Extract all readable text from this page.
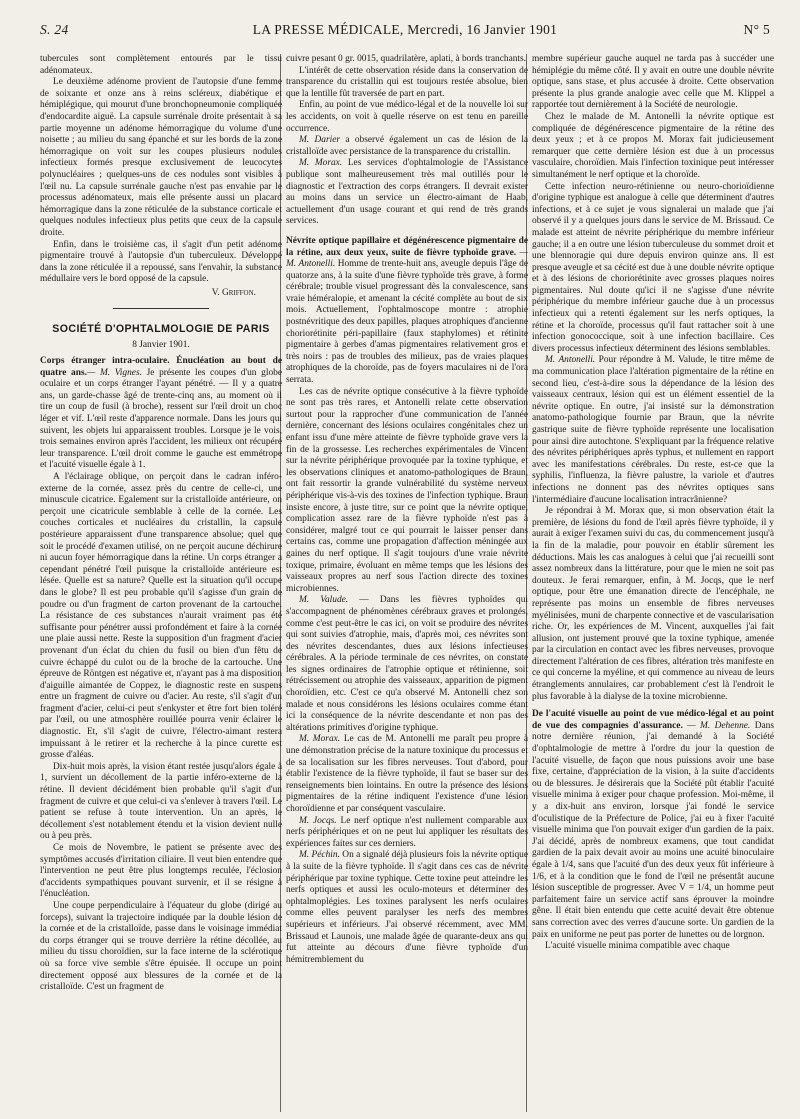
S. 24	LA PRESSE MÉDICALE, Mercredi, 16 Janvier 1901	N° 5

tubercules sont complètement entourés par le tissu adénomateux.

Le deuxième adénome provient de l'autopsie d'une femme de soixante et onze ans à reins scléreux, diabétique et hémiplégique, qui mourut d'une bronchopneumonie compliquée d'endocardite aiguë. La capsule surrénale droite présentait à sa partie moyenne un adénome hémorragique du volume d'une noisette ; au milieu du sang épanché et sur les bords de la zone hémorragique on voit sur les coupes plusieurs nodules infectieux formés presque exclusivement de leucocytes polynucléaires ; quelques-uns de ces nodules sont visibles à l'œil nu. La capsule surrénale gauche n'est pas envahie par le processus adénomateux, mais elle présente aussi un placard hémorragique dans la zone réticulée de la substance corticale et quelques nodules infectieux plus petits que ceux de la capsule droite.

Enfin, dans le troisième cas, il s'agit d'un petit adénome pigmentaire trouvé à l'autopsie d'un tuberculeux. Développé dans la zone réticulée il a repoussé, sans l'envahir, la substance médullaire vers le bord opposé de la capsule.

V. Griffon.
SOCIÉTÉ D'OPHTALMOLOGIE DE PARIS
8 Janvier 1901.

Corps étranger intra-oculaire. Énucléation au bout de quatre ans.— M. Vignes. Je présente les coupes d'un globe oculaire et un corps étranger l'ayant pénétré. — Il y a quatre ans, un garde-chasse âgé de trente-cinq ans, au moment où il tire un coup de fusil (à broche), ressent sur l'œil droit un choc léger et vif. L'œil reste d'apparence normale. Dans les jours qui suivent, les objets lui apparaissent troubles. Lorsque je le vois, trois semaines environ après l'accident, les milieux ont récupéré leur transparence. L'œil droit comme le gauche est emmétrope et l'acuité visuelle égale à 1.

A l'éclairage oblique, on perçoit dans le cadran inféro-externe de la cornée, assez près du centre de celle-ci, une minuscule cicatrice. Egalement sur la cristalloïde antérieure, on perçoit une cicatricule semblable à celle de la cornée. Les couches corticales et nucléaires du cristallin, la capsule postérieure apparaissent d'une transparence absolue; quel que soit le procédé d'examen utilisé, on ne perçoit aucune déchirure ni aucun foyer hémorragique dans la rétine. Un corps étranger a cependant pénétré l'œil puisque la cristalloïde antérieure est lésée. Quelle est sa nature? Quelle est la situation qu'il occupe dans le globe? Il est peu probable qu'il s'agisse d'un grain de poudre ou d'un fragment de carton provenant de la cartouche. La résistance de ces substances n'aurait vraiment pas été suffisante pour pénétrer aussi profondément et faire à la cornée une plaie aussi nette. Reste la supposition d'un fragment d'acier provenant d'un éclat du chien du fusil ou bien d'un fêtu de cuivre échappé du culot ou de la broche de la cartouche. Une épreuve de Röntgen est négative et, n'ayant pas à ma disposition d'aiguille aimantée de Coppez, le diagnostic reste en suspens entre un fragment de cuivre ou d'acier. Au reste, s'il s'agit d'un fragment d'acier, celui-ci peut s'enkyster et être fort bien toléré par l'œil, ou une atmosphère rouillée pourra venir éclairer le diagnostic. Et, s'il s'agit de cuivre, l'électro-aimant restera impuissant à le retirer et la recherche à la pince curette est grosse d'aléas.

Dix-huit mois après, la vision étant restée jusqu'alors égale à 1, survient un décollement de la partie inféro-externe de la rétine. Il devient décidément bien probable qu'il s'agit d'un fragment de cuivre et que celui-ci va s'enlever à travers l'œil. Le patient se refuse à toute intervention. Un an après, le décollement s'est notablement étendu et la vision devient nulle ou à peu près.

Ce mois de Novembre, le patient se présente avec des symptômes accusés d'irritation ciliaire. Il veut bien entendre que l'intervention ne peut être plus longtemps reculée, l'éclosion d'accidents sympathiques pouvant survenir, et il se résigne à l'énucléation.

Une coupe perpendiculaire à l'équateur du globe (dirigé au forceps), suivant la trajectoire indiquée par la double lésion de la cornée et de la cristalloïde, passe dans le voisinage immédiat du corps étranger qui se trouve derrière la rétine décollée, au milieu du tissu choroïdien, sur la face interne de la sclérotique où sa force vive semble s'être épuisée. Il occupe un point directement opposé aux blessures de la cornée et de la cristalloïde. C'est un fragment de

cuivre pesant 0 gr. 0015, quadrilatère, aplati, à bords tranchants.

L'intérêt de cette observation réside dans la conservation de transparence du cristallin qui est toujours restée absolue, bien que la lentille fût traversée de part en part.

Enfin, au point de vue médico-légal et de la nouvelle loi sur les accidents, on voit à quelle réserve on est tenu en pareille occurrence.

M. Darier a observé également un cas de lésion de la cristalloïde avec persistance de la transparence du cristallin.

M. Morax. Les services d'ophtalmologie de l'Assistance publique sont malheureusement très mal outillés pour le diagnostic et l'extraction des corps étrangers. Il devrait exister au moins dans un service un électro-aimant de Haab, actuellement d'un usage courant et qui rend de très grands services.

Névrite optique papillaire et dégénérescence pigmentaire de la rétine, aux deux yeux, suite de fièvre typhoïde grave. — M. Antonelli. Homme de trente-huit ans, aveugle depuis l'âge de quatorze ans, à la suite d'une fièvre typhoïde très grave, à forme cérébrale; trouble visuel progressant dès la convalescence, sans vraie héméralopie, et amenant la cécité complète au bout de six mois. Actuellement, l'ophtalmoscope montre : atrophie postnévritique des deux papilles, plaques atrophiques d'ancienne choriorétinite péri-papillaire (faux staphylomes) et rétinite pigmentaire à gerbes d'amas pigmentaires relativement gros et très noirs : pas de troubles des milieux, pas de vraies plaques atrophiques de la choroïde, pas de foyers maculaires ni de l'ora serrata.

Les cas de névrite optique consécutive à la fièvre typhoïde ne sont pas très rares, et Antonelli relate cette observation surtout pour la rapprocher d'une communication de l'année dernière, concernant des lésions oculaires congénitales chez un enfant issu d'une mère atteinte de fièvre typhoïde grave vers la fin de la grossesse. Les recherches expérimentales de Vincent sur la névrite périphérique provoquée par la toxine typhique, et les observations cliniques et anatomo-pathologiques de Braun, ont fait ressortir la grande vulnérabilité du système nerveux périphérique vis-à-vis des toxines de l'infection typhique. Braun insiste encore, à juste titre, sur ce point que la névrite optique, complication assez rare de la fièvre typhoïde n'est pas à considérer, malgré tout ce qui pourrait le laisser penser dans certains cas, comme une propagation d'affection méningée aux gaines du nerf optique. Il s'agit toujours d'une vraie névrite toxique, primaire, évoluant en même temps que les lésions des vaisseaux propres au nerf sous l'action directe des toxines microbiennes.

M. Valude. — Dans les fièvres typhoïdes qui s'accompagnent de phénomènes cérébraux graves et prolongés, comme c'est peut-être le cas ici, on voit se produire des névrites qui sont suivies d'atrophie, mais, d'après moi, ces névrites sont des névrites descendantes, dues aux lésions infectieuses cérébrales. A la période terminale de ces névrites, on constate les signes ordinaires de l'atrophie optique et rétinienne, soit rétrécissement ou atrophie des vaisseaux, apparition de pigment choroïdien, etc. C'est ce qu'a observé M. Antonelli chez son malade et nous considérons les lésions oculaires comme étant ici la conséquence de la névrite descendante et non pas des altérations primitives d'origine typhique.

M. Morax. Le cas de M. Antonelli me paraît peu propre à une démonstration précise de la nature toxinique du processus et de sa localisation sur les fibres nerveuses. Tout d'abord, pour établir l'existence de la fièvre typhoïde, il faut se baser sur des renseignements bien lointains. En outre la présence des lésions pigmentaires de la rétine indiquent l'existence d'une lésion choroïdienne et par conséquent vasculaire.

M. Jocqs. Le nerf optique n'est nullement comparable aux nerfs périphériques et on ne peut lui appliquer les résultats des expériences faites sur ces derniers.

M. Péchin. On a signalé déjà plusieurs fois la névrite optique à la suite de la fièvre typhoïde. Il s'agit dans ces cas de névrite périphérique par toxine typhique. Cette toxine peut atteindre les nerfs optiques et aussi les oculo-moteurs et déterminer des ophtalmoplégies. Les toxines paralysent les nerfs oculaires comme elles peuvent paralyser les nerfs des membres supérieurs et inférieurs. J'ai observé récemment, avec MM. Brissaud et Launois, une malade âgée de quarante-deux ans qui fut atteinte au décours d'une fièvre typhoïde d'un hémitremblement du

membre supérieur gauche auquel ne tarda pas à succéder une hémiplégie du même côté. Il y avait en outre une double névrite optique, sans stase, et plus accusée à droite. Cette observation présente la plus grande analogie avec celle que M. Klippel a rapportée tout dernièrement à la Société de neurologie.

Chez le malade de M. Antonelli la névrite optique est compliquée de dégénérescence pigmentaire de la rétine des deux yeux ; et à ce propos M. Morax fait judicieusement remarquer que cette dernière lésion est due à un processus vasculaire, choroïdien. Mais l'infection toxinique peut intéresser simultanément le nerf optique et la choroïde.

Cette infection neuro-rétinienne ou neuro-chorioïdienne d'origine typhique est analogue à celle que déterminent d'autres infections, et à ce sujet je vous signalerai un malade que j'ai observé il y a quelques jours dans le service de M. Brissaud. Ce malade est atteint de névrite périphérique du membre inférieur gauche; il a en outre une lésion tuberculeuse du sommet droit et une blennoragie qui dure depuis environ quinze ans. Il est presque aveugle et sa cécité est due à une double névrite optique et à des lésions de choriorétinite avec grosses plaques noires pigmentaires. Nul doute qu'ici il ne s'agisse d'une névrite périphérique du membre inférieur gauche due à un processus infectieux qui a retenti également sur les nerfs optiques, la rétine et la choroïde, processus qu'il faut rattacher soit à une infection gonococcique, soit à une infection bacillaire. Ces divers processus infectieux déterminent des lésions semblables.

M. Antonelli. Pour répondre à M. Valude, le titre même de ma communication place l'altération pigmentaire de la rétine en second lieu, c'est-à-dire sous la dépendance de la lésion des vaisseaux centraux, lésion qui est un élément essentiel de la névrite optique. En outre, j'ai insisté sur la démonstration anatomo-pathologique fournie par Braun, que la névrite gastrique suite de fièvre typhoïde représente une localisation pour ainsi dire autochtone. S'expliquant par la fréquence relative des névrites périphériques après typhus, et nullement en rapport avec les manifestations cérébrales. Du reste, est-ce que la syphilis, l'influenza, la fièvre palustre, la variole et d'autres infections ne donnent pas des névrites optiques sans l'intermédiaire d'aucune localisation intracrânienne?

Je répondrai à M. Morax que, si mon observation était la première, de lésions du fond de l'œil après fièvre typhoïde, il y aurait à exiger l'examen suivi du cas, du commencement jusqu'à la fin de la maladie, pour pouvoir en établir sûrement les déductions. Mais les cas analogues à celui que j'ai recueilli sont assez nombreux dans la littérature, pour que le mien ne soit pas douteux. Je ferai remarquer, enfin, à M. Jocqs, que le nerf optique, pour être une émanation directe de l'encéphale, ne représente pas moins un ensemble de fibres nerveuses myélinisées, muni de charpente connective et de vascularisation riche. Or, les expériences de M. Vincent, auxquelles j'ai fait allusion, ont justement prouvé que la toxine typhique, amenée par la circulation en contact avec les fibres nerveuses, provoque directement l'altération de ces fibres, altération très manifeste en ce qui concerne la myéline, et qui commence au niveau de leurs étranglements annulaires, car probablement c'est là l'endroit le plus favorable à la dialyse de la toxine microbienne.

De l'acuité visuelle au point de vue médico-légal et au point de vue des compagnies d'assurance. — M. Dehenne. Dans notre dernière réunion, j'ai demandé à la Société d'ophtalmologie de mettre à l'ordre du jour la question de l'acuité visuelle, de façon que nous puissions avoir une base fixe, certaine, d'appréciation de la vision, à la suite d'accidents ou de blessures. Je désirerais que la Société pût établir l'acuité visuelle minima à exiger pour chaque profession. Moi-même, il y a dix-huit ans environ, lorsque j'ai fondé le service d'oculistique de la Préfecture de Police, j'ai eu à fixer l'acuité visuelle minima que l'on pouvait exiger d'un gardien de la paix. J'ai décidé, après de nombreux examens, que tout candidat gardien de la paix devait avoir au moins une acuité binoculaire égale à 1/4, sans que l'acuité d'un des deux yeux fût inférieure à 1/6, et à la condition que le fond de l'œil ne présentât aucune lésion susceptible de progresser. Avec V = 1/4, un homme peut parfaitement faire un service actif sans éprouver la moindre gêne. Il était bien entendu que cette acuité devait être obtenue sans correction avec des verres d'aucune sorte. Un gardien de la paix en uniforme ne peut pas porter de lunettes ou de lorgnon.

L'acuité visuelle minima compatible avec chaque
